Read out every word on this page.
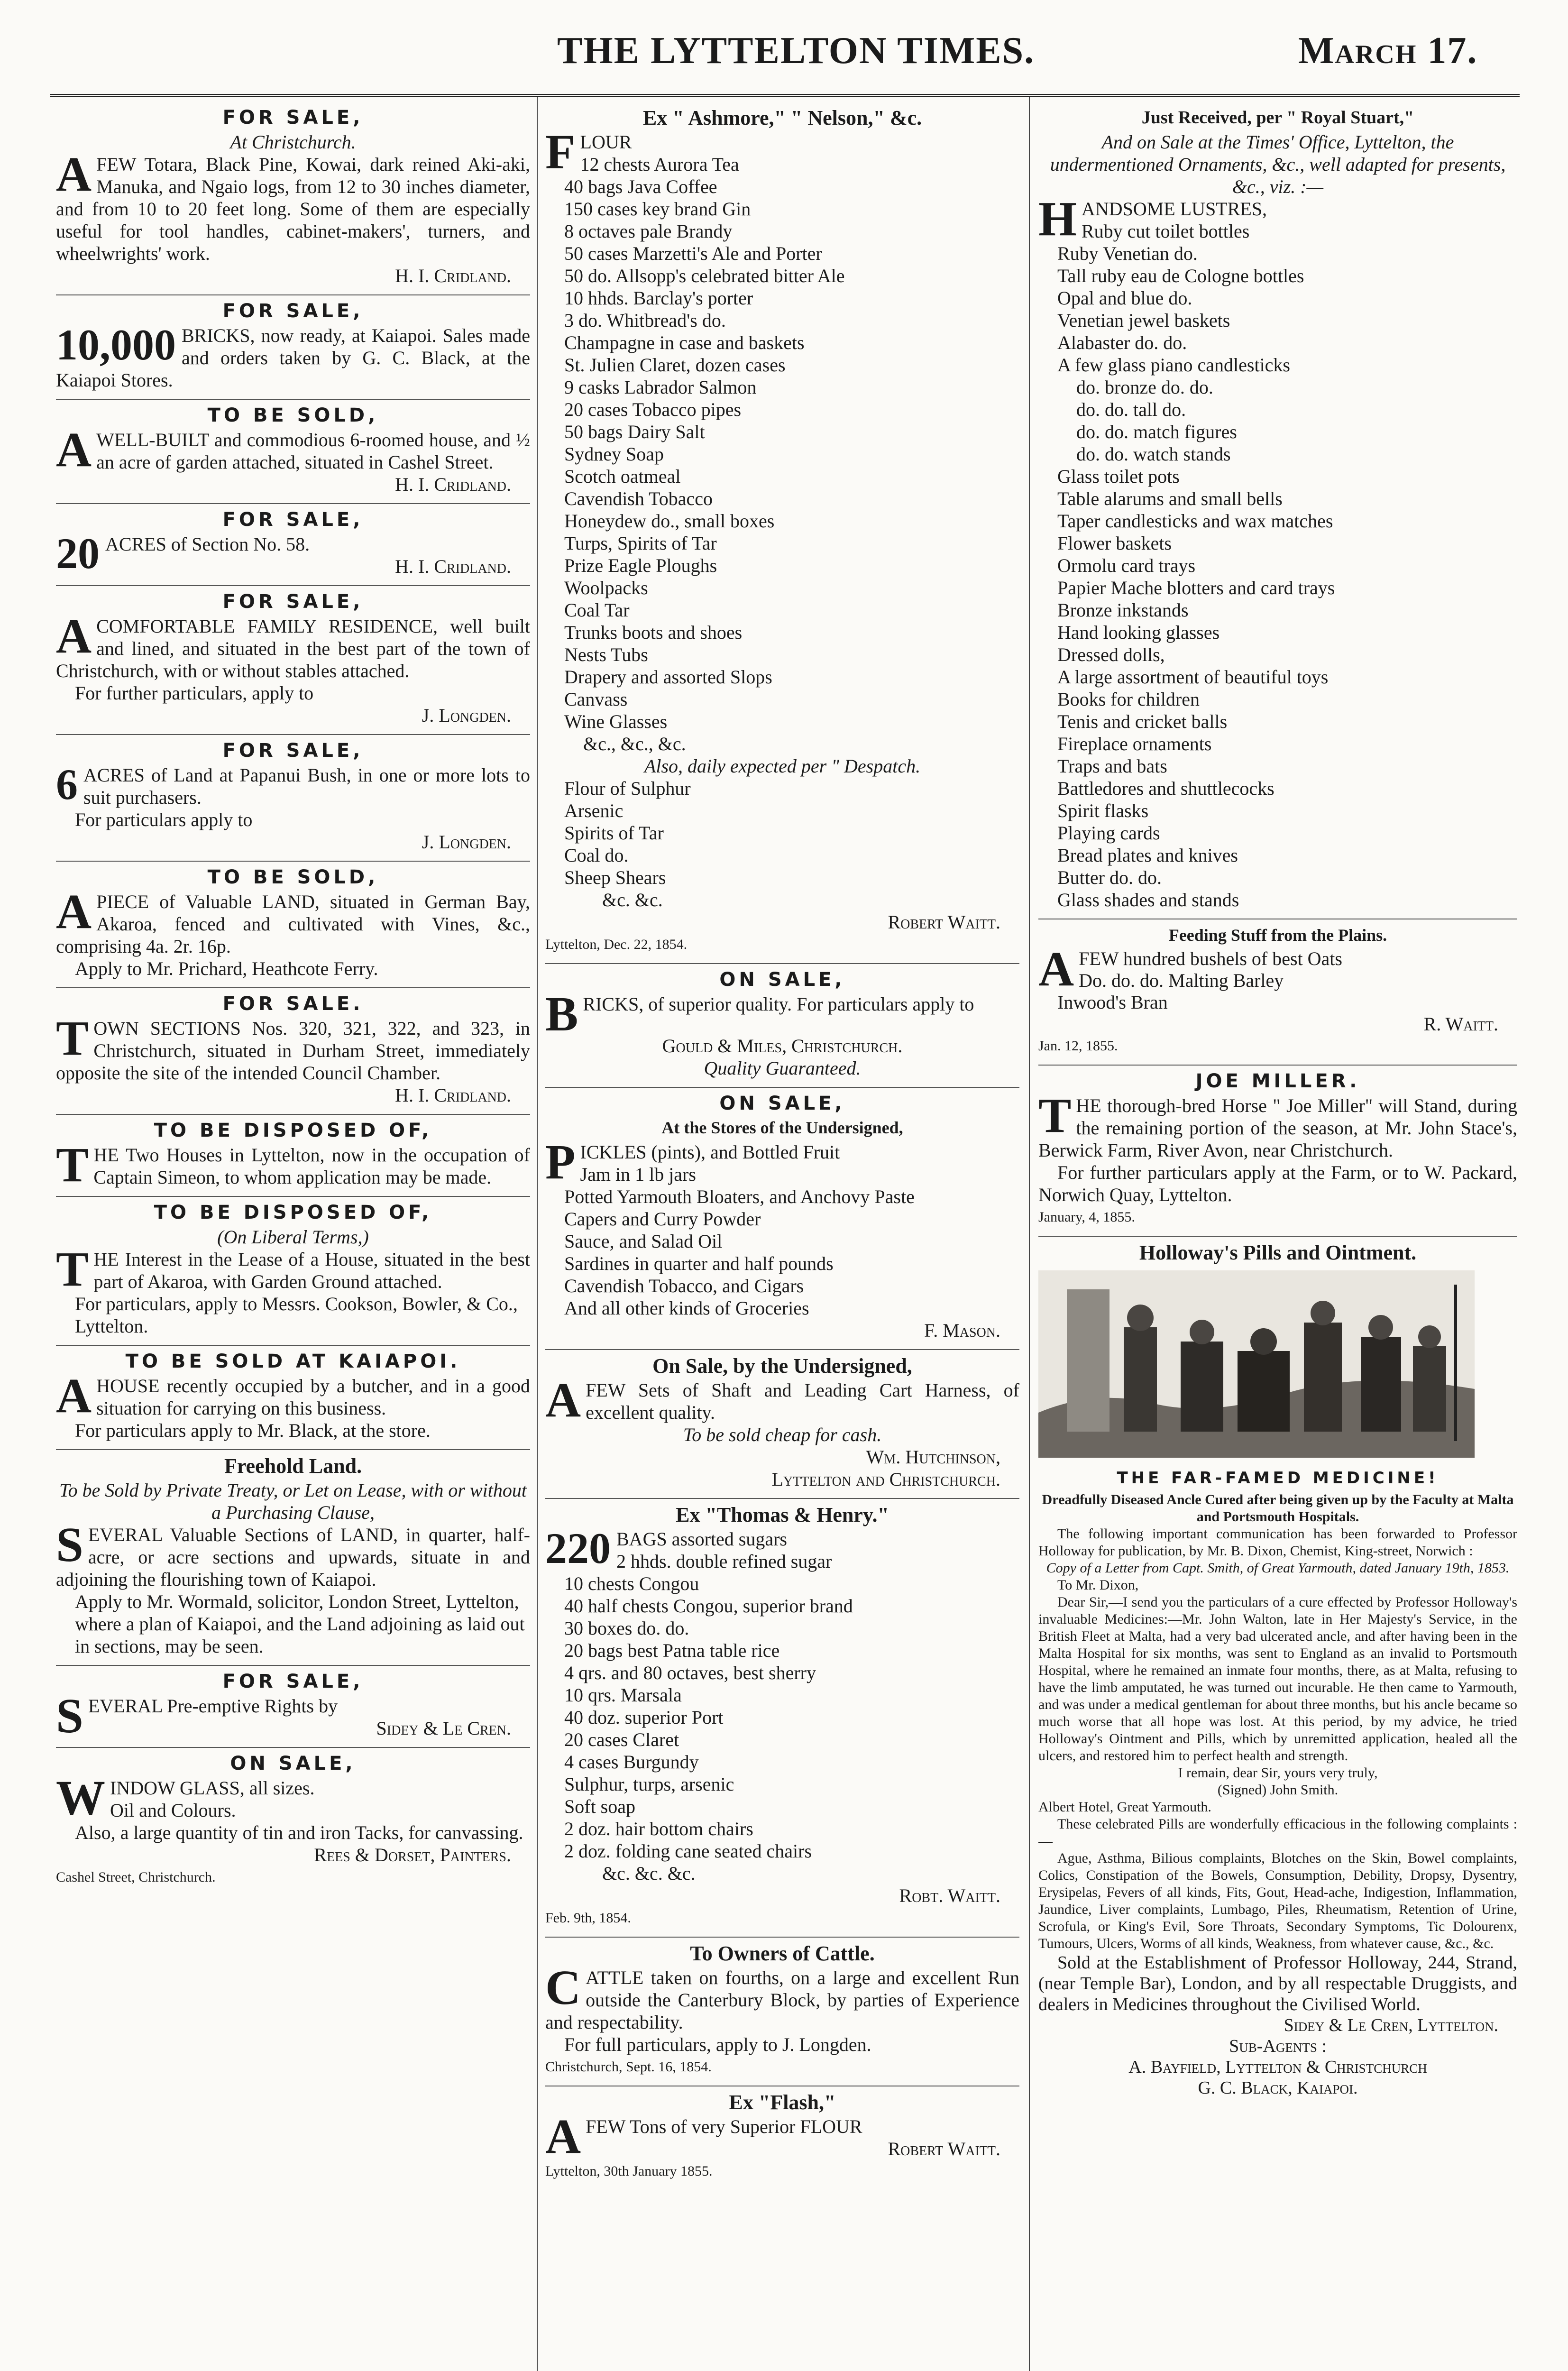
THE LYTTELTON TIMES.	March 17.

FOR SALE,

At Christchurch.

AFEW Totara, Black Pine, Kowai, dark reined Aki-aki, Manuka, and Ngaio logs, from 12 to 30 inches diameter, and from 10 to 20 feet long. Some of them are especially useful for tool handles, cabinet-makers', turners, and wheelwrights' work.

H. I. Cridland.

FOR SALE,

10,000 BRICKS, now ready, at Kaiapoi. Sales made and orders taken by G. C. Black, at the Kaiapoi Stores.

TO BE SOLD,

AWELL-BUILT and commodious 6-roomed house, and ½ an acre of garden attached, situated in Cashel Street.

H. I. Cridland.

FOR SALE,

20 ACRES of Section No. 58.

H. I. Cridland.

FOR SALE,

ACOMFORTABLE FAMILY RESIDENCE, well built and lined, and situated in the best part of the town of Christchurch, with or without stables attached.

For further particulars, apply to

J. Longden.

FOR SALE,

6 ACRES of Land at Papanui Bush, in one or more lots to suit purchasers.

For particulars apply to

J. Longden.

TO BE SOLD,

APIECE of Valuable LAND, situated in German Bay, Akaroa, fenced and cultivated with Vines, &c., comprising 4a. 2r. 16p.

Apply to Mr. Prichard, Heathcote Ferry.

FOR SALE.

TOWN SECTIONS Nos. 320, 321, 322, and 323, in Christchurch, situated in Durham Street, immediately opposite the site of the intended Council Chamber.

H. I. Cridland.

TO BE DISPOSED OF,

THE Two Houses in Lyttelton, now in the occupation of Captain Simeon, to whom application may be made.

TO BE DISPOSED OF,

(On Liberal Terms,)

THE Interest in the Lease of a House, situated in the best part of Akaroa, with Garden Ground attached.

For particulars, apply to Messrs. Cookson, Bowler, & Co., Lyttelton.

TO BE SOLD AT KAIAPOI.

AHOUSE recently occupied by a butcher, and in a good situation for carrying on this business.

For particulars apply to Mr. Black, at the store.

Freehold Land.

To be Sold by Private Treaty, or Let on Lease, with or without a Purchasing Clause,

SEVERAL Valuable Sections of LAND, in quarter, half-acre, or acre sections and upwards, situate in and adjoining the flourishing town of Kaiapoi.

Apply to Mr. Wormald, solicitor, London Street, Lyttelton, where a plan of Kaiapoi, and the Land adjoining as laid out in sections, may be seen.

FOR SALE,

SEVERAL Pre-emptive Rights by

Sidey & Le Cren.

ON SALE,

WINDOW GLASS, all sizes.

Oil and Colours.

Also, a large quantity of tin and iron Tacks, for canvassing.

Rees & Dorset, Painters.

Cashel Street, Christchurch.

Ex " Ashmore," " Nelson," &c.

FLOUR

12 chests Aurora Tea

40 bags Java Coffee

150 cases key brand Gin

8 octaves pale Brandy

50 cases Marzetti's Ale and Porter

50 do. Allsopp's celebrated bitter Ale

10 hhds. Barclay's porter

3 do. Whitbread's do.

Champagne in case and baskets

St. Julien Claret, dozen cases

9 casks Labrador Salmon

20 cases Tobacco pipes

50 bags Dairy Salt

Sydney Soap

Scotch oatmeal

Cavendish Tobacco

Honeydew do., small boxes

Turps, Spirits of Tar

Prize Eagle Ploughs

Woolpacks

Coal Tar

Trunks boots and shoes

Nests Tubs

Drapery and assorted Slops

Canvass

Wine Glasses

&c., &c., &c.

Also, daily expected per " Despatch.

Flour of Sulphur

Arsenic

Spirits of Tar

Coal do.

Sheep Shears

&c. &c.

Robert Waitt.

Lyttelton, Dec. 22, 1854.

ON SALE,

BRICKS, of superior quality. For particulars apply to

Gould & Miles, Christchurch.

Quality Guaranteed.

ON SALE,

At the Stores of the Undersigned,

PICKLES (pints), and Bottled Fruit

Jam in 1 lb jars

Potted Yarmouth Bloaters, and Anchovy Paste

Capers and Curry Powder

Sauce, and Salad Oil

Sardines in quarter and half pounds

Cavendish Tobacco, and Cigars

And all other kinds of Groceries

F. Mason.

On Sale, by the Undersigned,

AFEW Sets of Shaft and Leading Cart Harness, of excellent quality.

To be sold cheap for cash.

Wm. Hutchinson,

Lyttelton and Christchurch.

Ex "Thomas & Henry."

220 BAGS assorted sugars

2 hhds. double refined sugar

10 chests Congou

40 half chests Congou, superior brand

30 boxes do. do.

20 bags best Patna table rice

4 qrs. and 80 octaves, best sherry

10 qrs. Marsala

40 doz. superior Port

20 cases Claret

4 cases Burgundy

Sulphur, turps, arsenic

Soft soap

2 doz. hair bottom chairs

2 doz. folding cane seated chairs

&c. &c. &c.

Robt. Waitt.

Feb. 9th, 1854.

To Owners of Cattle.

CATTLE taken on fourths, on a large and excellent Run outside the Canterbury Block, by parties of Experience and respectability.

For full particulars, apply to J. Longden.

Christchurch, Sept. 16, 1854.

Ex "Flash,"

AFEW Tons of very Superior FLOUR

Robert Waitt.

Lyttelton, 30th January 1855.

Just Received, per " Royal Stuart,"

And on Sale at the Times' Office, Lyttelton, the undermentioned Ornaments, &c., well adapted for presents, &c., viz. :—

HANDSOME LUSTRES,

Ruby cut toilet bottles

Ruby Venetian do.

Tall ruby eau de Cologne bottles

Opal and blue do.

Venetian jewel baskets

Alabaster do. do.

A few glass piano candlesticks

do. bronze do. do.

do. do. tall do.

do. do. match figures

do. do. watch stands

Glass toilet pots

Table alarums and small bells

Taper candlesticks and wax matches

Flower baskets

Ormolu card trays

Papier Mache blotters and card trays

Bronze inkstands

Hand looking glasses

Dressed dolls,

A large assortment of beautiful toys

Books for children

Tenis and cricket balls

Fireplace ornaments

Traps and bats

Battledores and shuttlecocks

Spirit flasks

Playing cards

Bread plates and knives

Butter do. do.

Glass shades and stands

Feeding Stuff from the Plains.

AFEW hundred bushels of best Oats

Do. do. do. Malting Barley

Inwood's Bran

R. Waitt.

Jan. 12, 1855.

JOE MILLER.

THE thorough-bred Horse " Joe Miller" will Stand, during the remaining portion of the season, at Mr. John Stace's, Berwick Farm, River Avon, near Christchurch.

For further particulars apply at the Farm, or to W. Packard, Norwich Quay, Lyttelton.

January, 4, 1855.

Holloway's Pills and Ointment.

THE FAR-FAMED MEDICINE!

Dreadfully Diseased Ancle Cured after being given up by the Faculty at Malta and Portsmouth Hospitals.

The following important communication has been forwarded to Professor Holloway for publication, by Mr. B. Dixon, Chemist, King-street, Norwich :

Copy of a Letter from Capt. Smith, of Great Yarmouth, dated January 19th, 1853.

To Mr. Dixon,

Dear Sir,—I send you the particulars of a cure effected by Professor Holloway's invaluable Medicines:—Mr. John Walton, late in Her Majesty's Service, in the British Fleet at Malta, had a very bad ulcerated ancle, and after having been in the Malta Hospital for six months, was sent to England as an invalid to Portsmouth Hospital, where he remained an inmate four months, there, as at Malta, refusing to have the limb amputated, he was turned out incurable. He then came to Yarmouth, and was under a medical gentleman for about three months, but his ancle became so much worse that all hope was lost. At this period, by my advice, he tried Holloway's Ointment and Pills, which by unremitted application, healed all the ulcers, and restored him to perfect health and strength.

I remain, dear Sir, yours very truly,

(Signed) John Smith.

Albert Hotel, Great Yarmouth.

These celebrated Pills are wonderfully efficacious in the following complaints :—

Ague, Asthma, Bilious complaints, Blotches on the Skin, Bowel complaints, Colics, Constipation of the Bowels, Consumption, Debility, Dropsy, Dysentry, Erysipelas, Fevers of all kinds, Fits, Gout, Head-ache, Indigestion, Inflammation, Jaundice, Liver complaints, Lumbago, Piles, Rheumatism, Retention of Urine, Scrofula, or King's Evil, Sore Throats, Secondary Symptoms, Tic Dolourenx, Tumours, Ulcers, Worms of all kinds, Weakness, from whatever cause, &c., &c.

Sold at the Establishment of Professor Holloway, 244, Strand, (near Temple Bar), London, and by all respectable Druggists, and dealers in Medicines throughout the Civilised World.

Sidey & Le Cren, Lyttelton.

Sub-Agents :

A. Bayfield, Lyttelton & Christchurch

G. C. Black, Kaiapoi.
